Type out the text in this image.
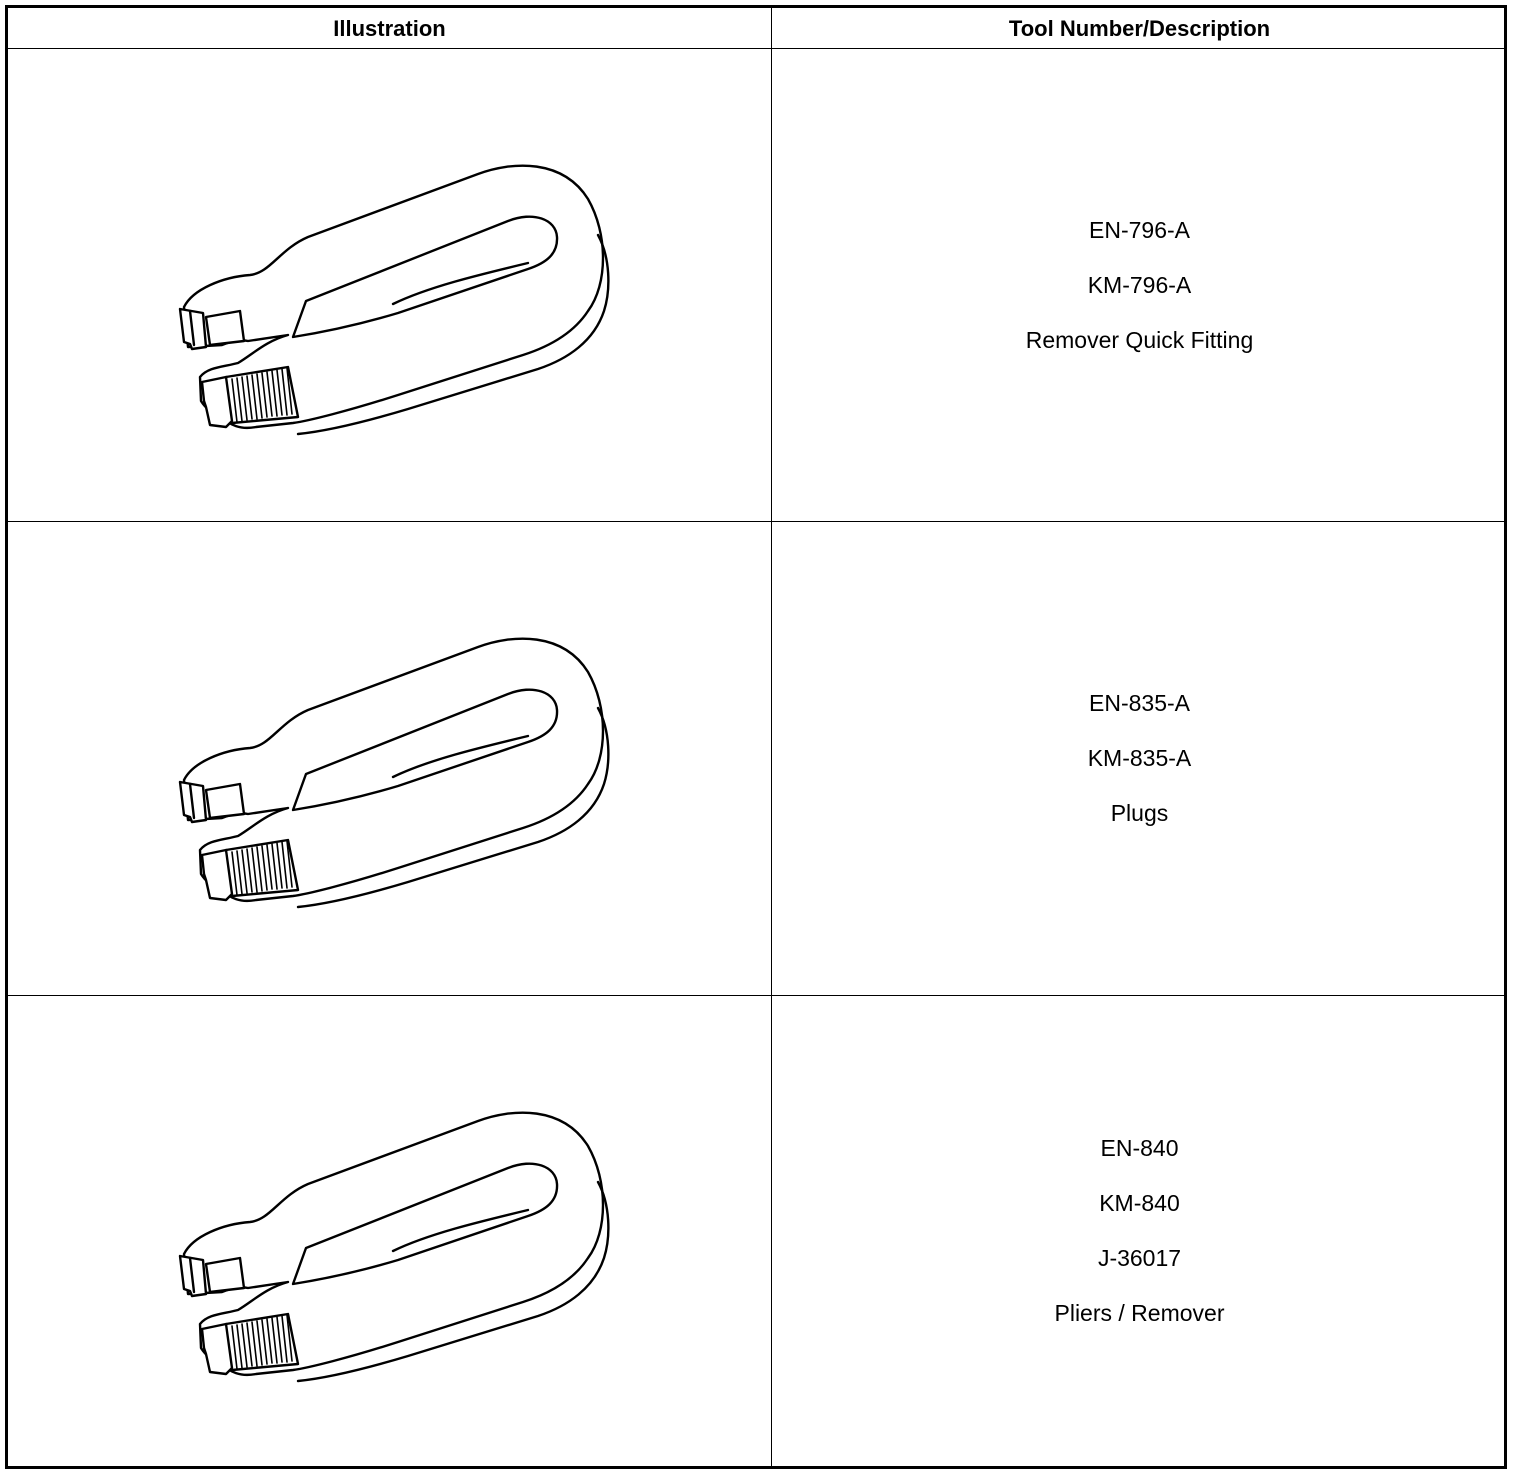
Illustration	Tool Number/Description
EN-796-A
KM-796-A
Remover Quick Fitting
EN-835-A
KM-835-A
Plugs
EN-840
KM-840
J-36017
Pliers / Remover
